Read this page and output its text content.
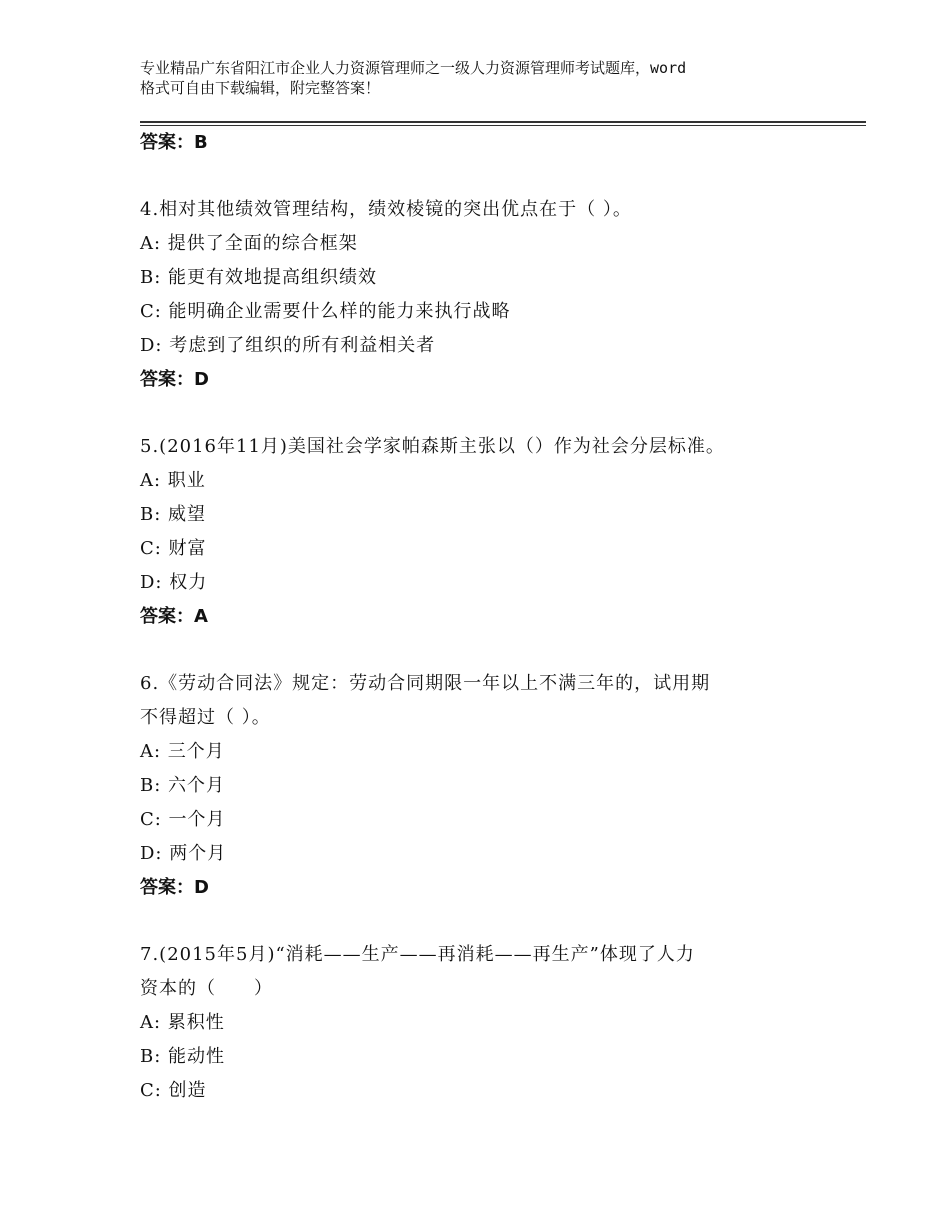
专业精品广东省阳江市企业人力资源管理师之一级人力资源管理师考试题库，word
格式可自由下载编辑，附完整答案！
答案：B
4.相对其他绩效管理结构，绩效棱镜的突出优点在于（ ）。
A: 提供了全面的综合框架
B: 能更有效地提高组织绩效
C: 能明确企业需要什么样的能力来执行战略
D: 考虑到了组织的所有利益相关者
答案：D
5.(2016年11月)美国社会学家帕森斯主张以（）作为社会分层标准。
A: 职业
B: 威望
C: 财富
D: 权力
答案：A
6.《劳动合同法》规定：劳动合同期限一年以上不满三年的，试用期
不得超过（ ）。
A: 三个月
B: 六个月
C: 一个月
D: 两个月
答案：D
7.(2015年5月)“消耗——生产——再消耗——再生产”体现了人力
资本的（　　）
A: 累积性
B: 能动性
C: 创造
